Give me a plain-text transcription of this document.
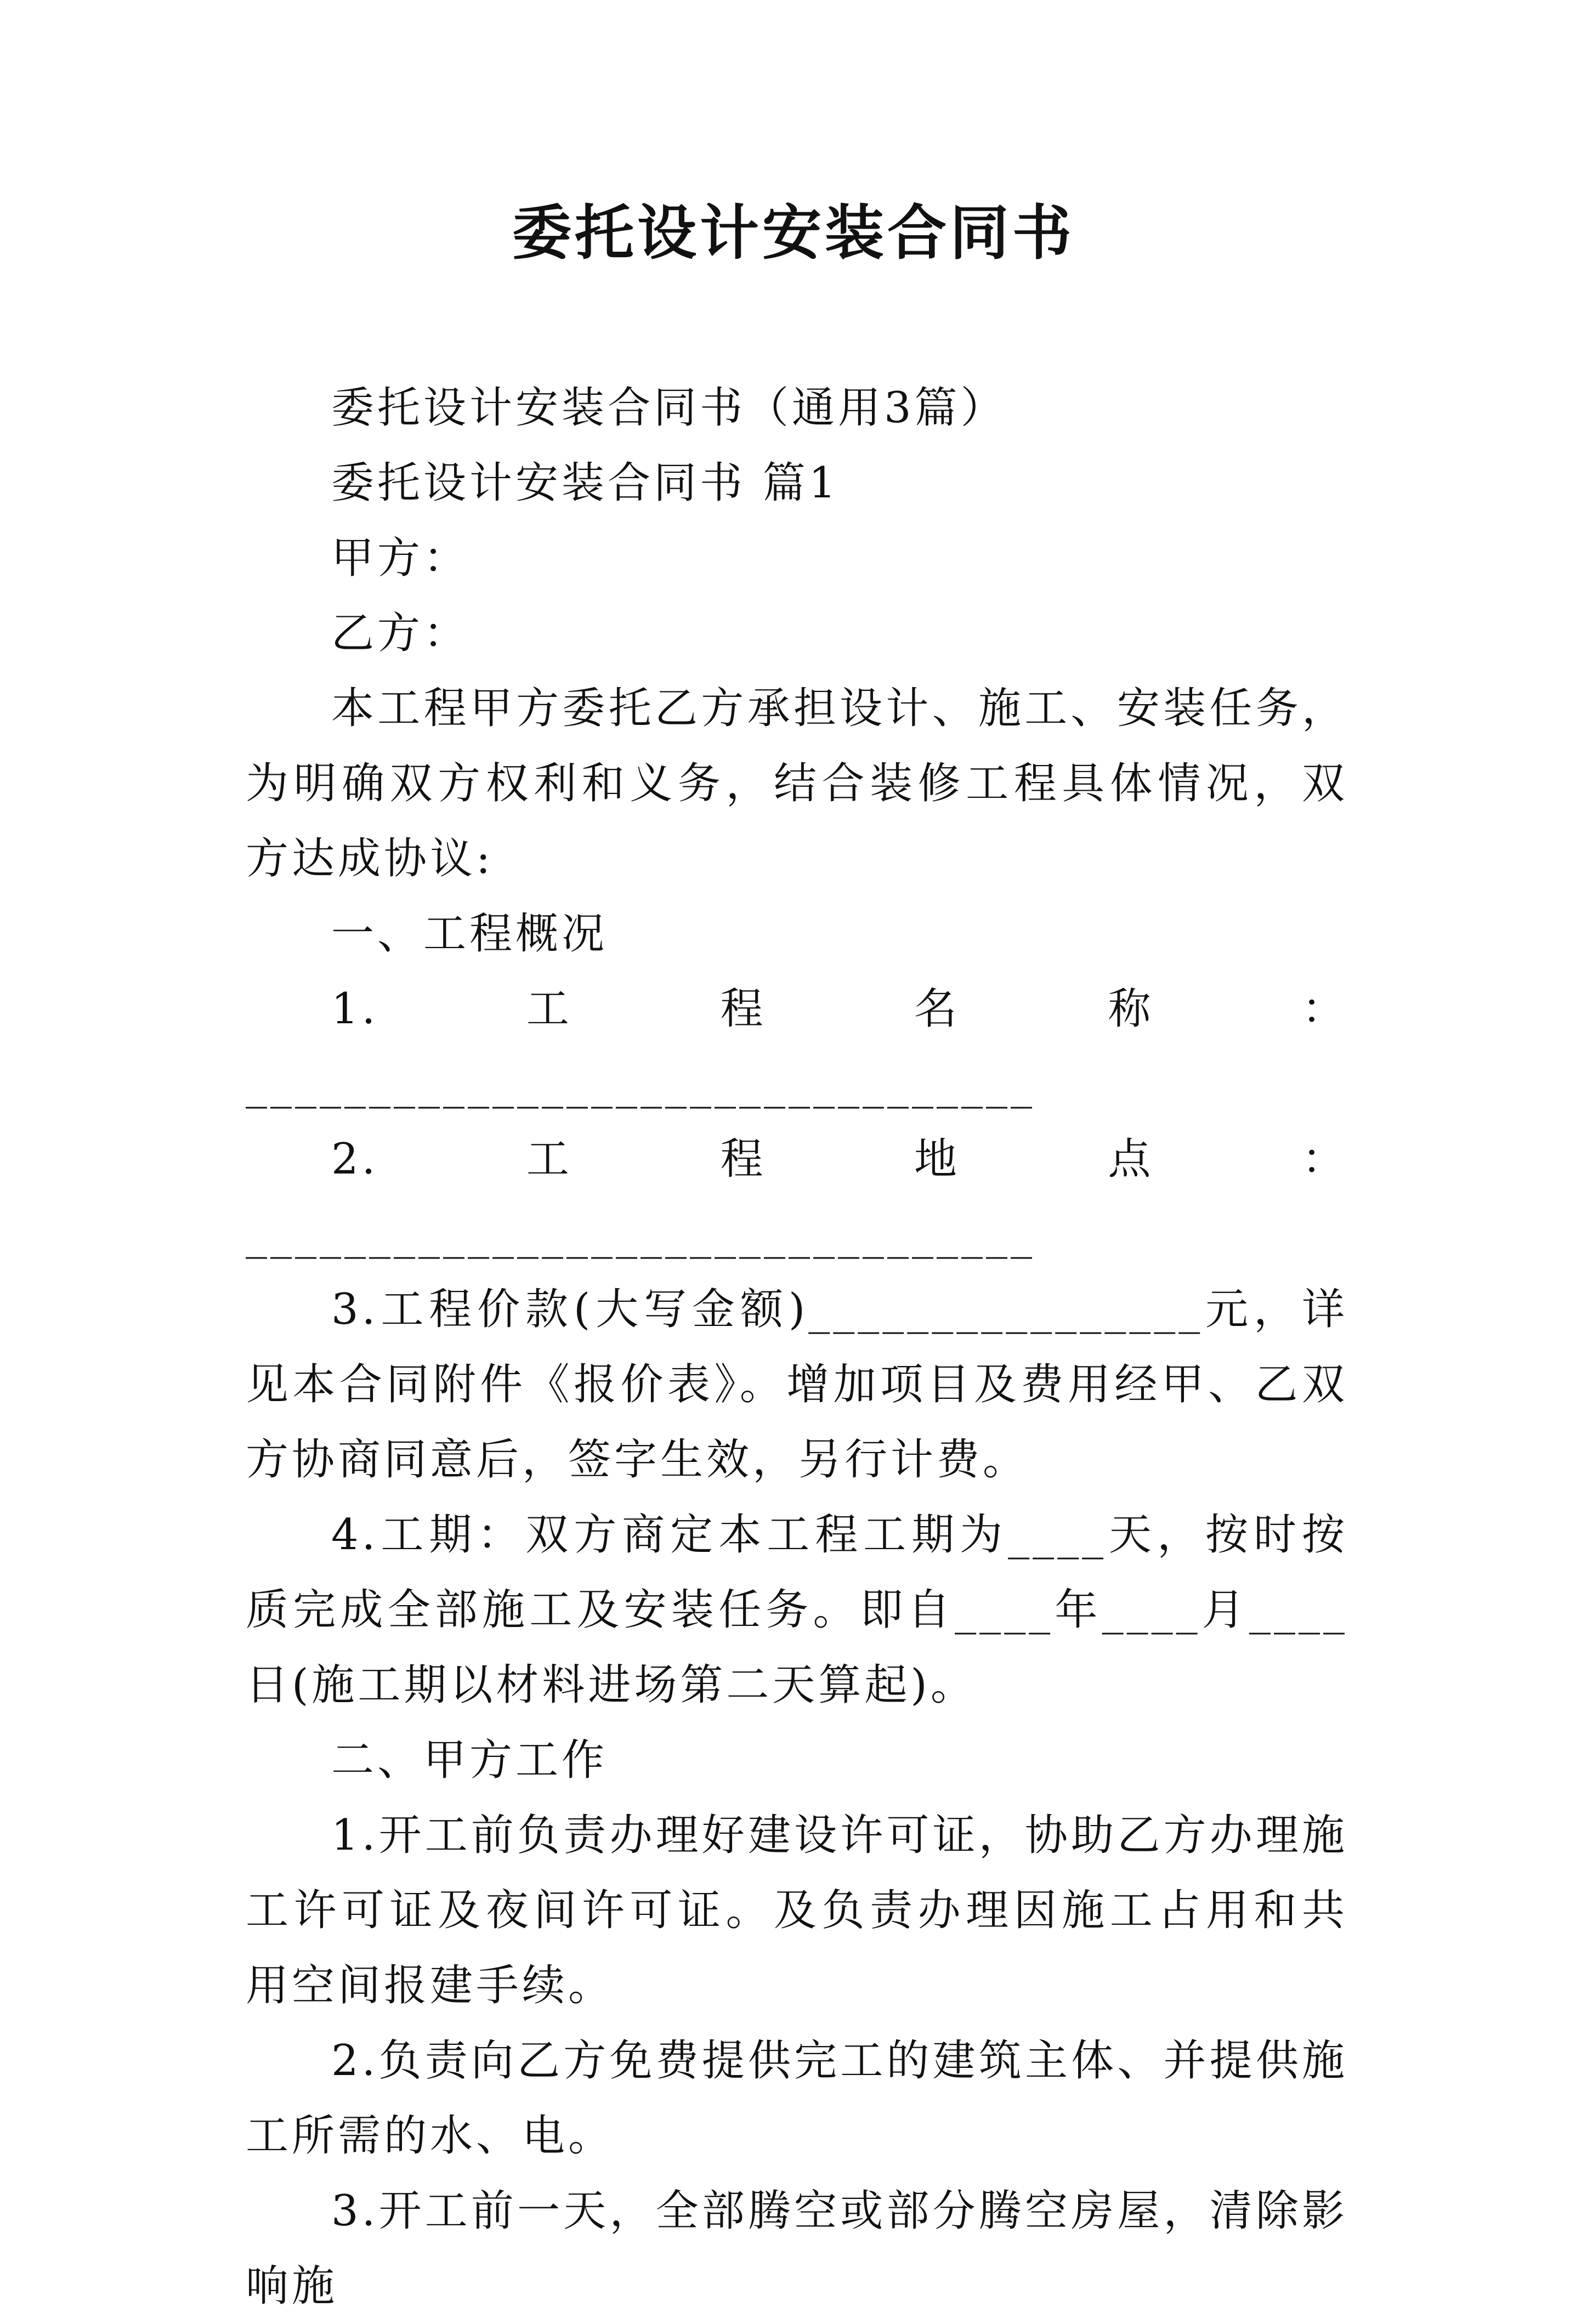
委托设计安装合同书

委托设计安装合同书（通用3篇）

委托设计安装合同书 篇1

甲方：

乙方：

本工程甲方委托乙方承担设计、施工、安装任务，为明确双方权利和义务，结合装修工程具体情况，双方达成协议:

一、工程概况

1.工程名称：________________________________

2.工程地点：________________________________

3.工程价款(大写金额)________________元，详见本合同附件《报价表》。增加项目及费用经甲、乙双方协商同意后，签字生效，另行计费。

4.工期：双方商定本工程工期为____天，按时按质完成全部施工及安装任务。即自____年____月____日(施工期以材料进场第二天算起)。

二、甲方工作

1.开工前负责办理好建设许可证，协助乙方办理施工许可证及夜间许可证。及负责办理因施工占用和共用空间报建手续。

2.负责向乙方免费提供完工的建筑主体、并提供施工所需的水、电。

3.开工前一天，全部腾空或部分腾空房屋，清除影响施
